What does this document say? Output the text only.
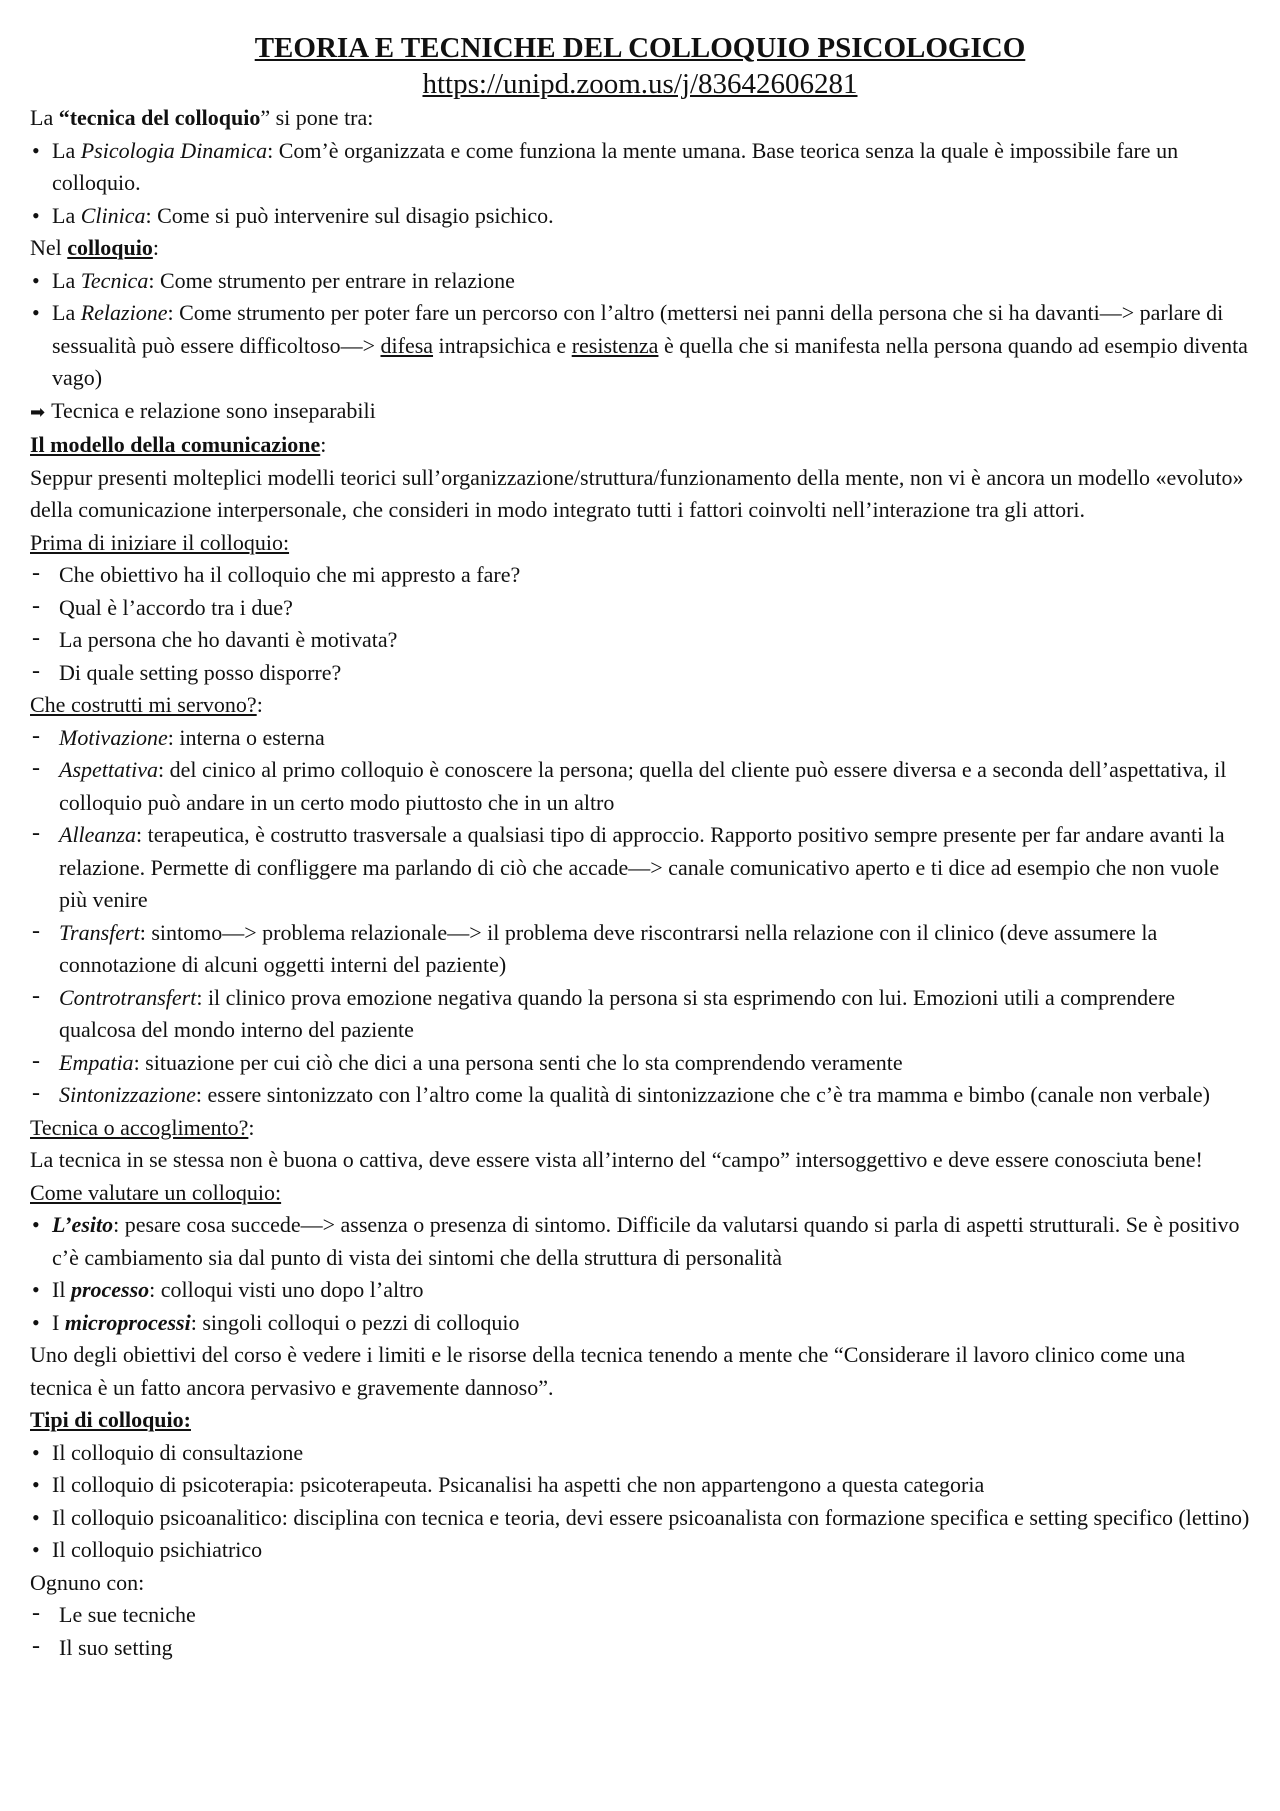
TEORIA E TECNICHE DEL COLLOQUIO PSICOLOGICO
https://unipd.zoom.us/j/83642606281

La “tecnica del colloquio” si pone tra:

• La Psicologia Dinamica: Com’è organizzata e come funziona la mente umana. Base teorica senza la quale è impossibile fare un colloquio.
• La Clinica: Come si può intervenire sul disagio psichico.

Nel colloquio:

• La Tecnica: Come strumento per entrare in relazione
• La Relazione: Come strumento per poter fare un percorso con l’altro (mettersi nei panni della persona che si ha davanti—> parlare di sessualità può essere difficoltoso—> difesa intrapsichica e resistenza è quella che si manifesta nella persona quando ad esempio diventa vago)

➡ Tecnica e relazione sono inseparabili

Il modello della comunicazione:

Seppur presenti molteplici modelli teorici sull’organizzazione/struttura/funzionamento della mente, non vi è ancora un modello «evoluto» della comunicazione interpersonale, che consideri in modo integrato tutti i fattori coinvolti nell’interazione tra gli attori.

Prima di iniziare il colloquio:

- Che obiettivo ha il colloquio che mi appresto a fare?
- Qual è l’accordo tra i due?
- La persona che ho davanti è motivata?
- Di quale setting posso disporre?

Che costrutti mi servono?:

- Motivazione: interna o esterna
- Aspettativa: del cinico al primo colloquio è conoscere la persona; quella del cliente può essere diversa e a seconda dell’aspettativa, il colloquio può andare in un certo modo piuttosto che in un altro
- Alleanza: terapeutica, è costrutto trasversale a qualsiasi tipo di approccio. Rapporto positivo sempre presente per far andare avanti la relazione. Permette di confliggere ma parlando di ciò che accade—> canale comunicativo aperto e ti dice ad esempio che non vuole più venire
- Transfert: sintomo—> problema relazionale—> il problema deve riscontrarsi nella relazione con il clinico (deve assumere la connotazione di alcuni oggetti interni del paziente)
- Controtransfert: il clinico prova emozione negativa quando la persona si sta esprimendo con lui. Emozioni utili a comprendere qualcosa del mondo interno del paziente
- Empatia: situazione per cui ciò che dici a una persona senti che lo sta comprendendo veramente
- Sintonizzazione: essere sintonizzato con l’altro come la qualità di sintonizzazione che c’è tra mamma e bimbo (canale non verbale)

Tecnica o accoglimento?:

La tecnica in se stessa non è buona o cattiva, deve essere vista all’interno del “campo” intersoggettivo e deve essere conosciuta bene!

Come valutare un colloquio:

• L’esito: pesare cosa succede—> assenza o presenza di sintomo. Difficile da valutarsi quando si parla di aspetti strutturali. Se è positivo c’è cambiamento sia dal punto di vista dei sintomi che della struttura di personalità
• Il processo: colloqui visti uno dopo l’altro
• I microprocessi: singoli colloqui o pezzi di colloquio

Uno degli obiettivi del corso è vedere i limiti e le risorse della tecnica tenendo a mente che “Considerare il lavoro clinico come una tecnica è un fatto ancora pervasivo e gravemente dannoso”.

Tipi di colloquio:

• Il colloquio di consultazione
• Il colloquio di psicoterapia: psicoterapeuta. Psicanalisi ha aspetti che non appartengono a questa categoria
• Il colloquio psicoanalitico: disciplina con tecnica e teoria, devi essere psicoanalista con formazione specifica e setting specifico (lettino)
• Il colloquio psichiatrico

Ognuno con:

- Le sue tecniche
- Il suo setting
